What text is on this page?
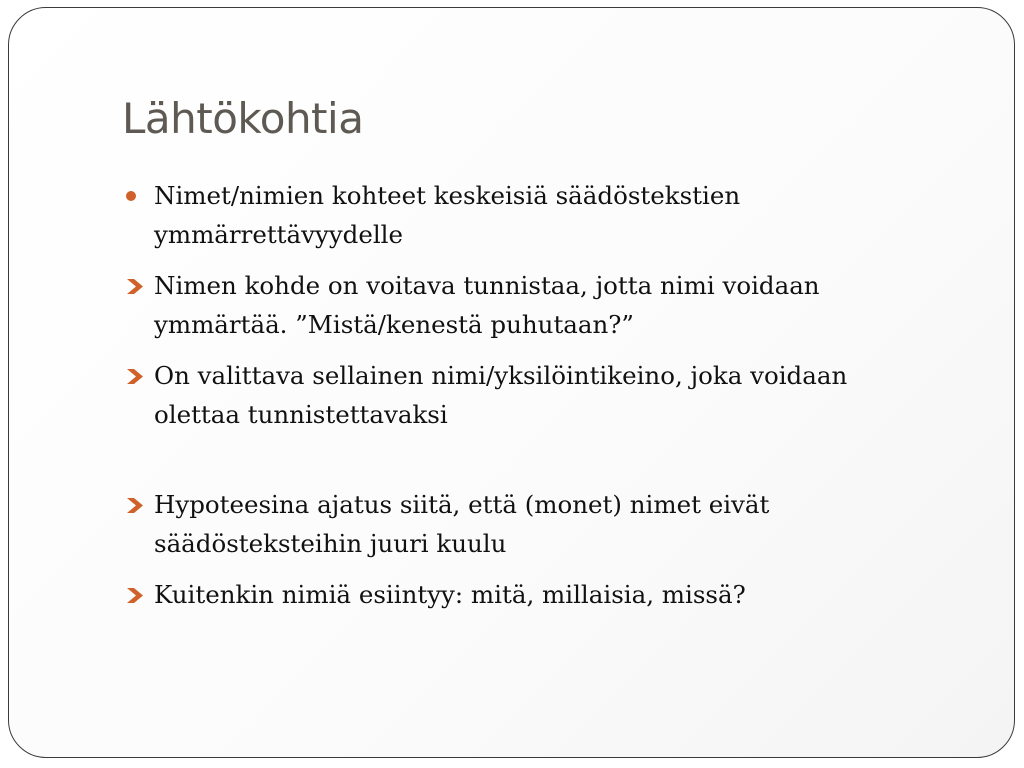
Lähtökohtia
Nimet/nimien kohteet keskeisiä säädöstekstien ymmärrettävyydelle
Nimen kohde on voitava tunnistaa, jotta nimi voidaan ymmärtää. ”Mistä/kenestä puhutaan?”
On valittava sellainen nimi/yksilöintikeino, joka voidaan olettaa tunnistettavaksi
Hypoteesina ajatus siitä, että (monet) nimet eivät säädösteksteihin juuri kuulu
Kuitenkin nimiä esiintyy: mitä, millaisia, missä?
